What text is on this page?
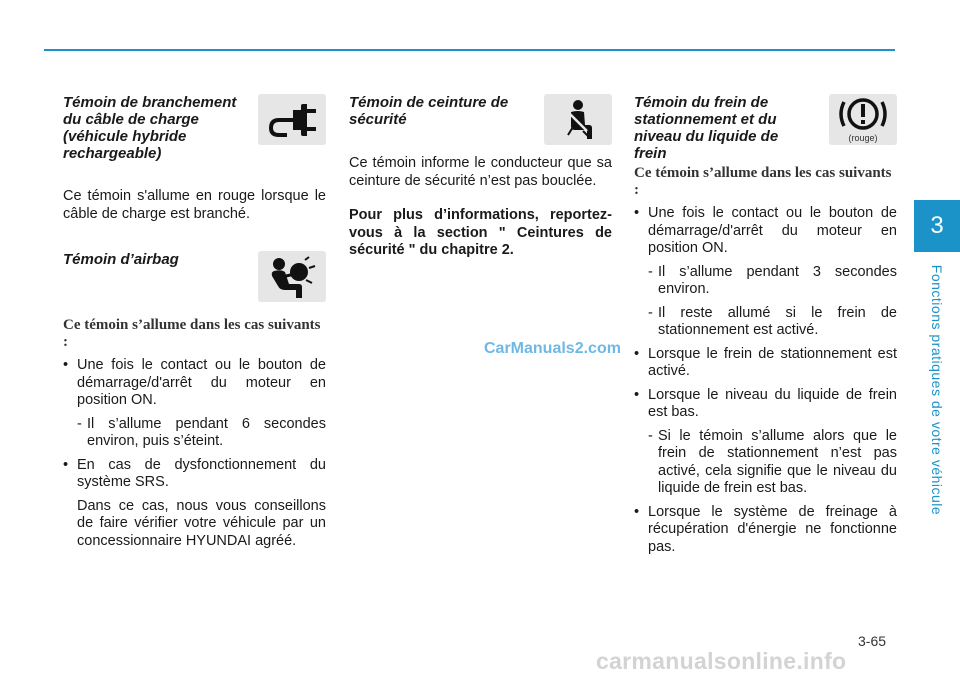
3
Fonctions pratiques de votre véhicule
Témoin de branchement du câble de charge (véhicule hybride rechargeable)

Ce témoin s'allume en rouge lorsque le câble de charge est branché.

Témoin d’airbag

Ce témoin s’allume dans les cas suivants :

• Une fois le contact ou le bouton de démarrage/d'arrêt du moteur en position ON.
- Il s’allume pendant 6 secondes environ, puis s’éteint.
• En cas de dysfonctionnement du système SRS.
Dans ce cas, nous vous conseillons de faire vérifier votre véhicule par un concessionnaire HYUNDAI agréé.
Témoin de ceinture de sécurité

Ce témoin informe le conducteur que sa ceinture de sécurité n’est pas bouclée.

Pour plus d’informations, reportez-vous à la section " Ceintures de sécurité " du chapitre 2.

Témoin du frein de stationnement et du niveau du liquide de frein
(rouge)

Ce témoin s’allume dans les cas suivants :

• Une fois le contact ou le bouton de démarrage/d'arrêt du moteur en position ON.
- Il s’allume pendant 3 secondes environ.
- Il reste allumé si le frein de stationnement est activé.
• Lorsque le frein de stationnement est activé.
• Lorsque le niveau du liquide de frein est bas.
- Si le témoin s’allume alors que le frein de stationnement n’est pas activé, cela signifie que le niveau du liquide de frein est bas.
• Lorsque le système de freinage à récupération d'énergie ne fonctionne pas.
CarManuals2.com
3-65
carmanualsonline.info
